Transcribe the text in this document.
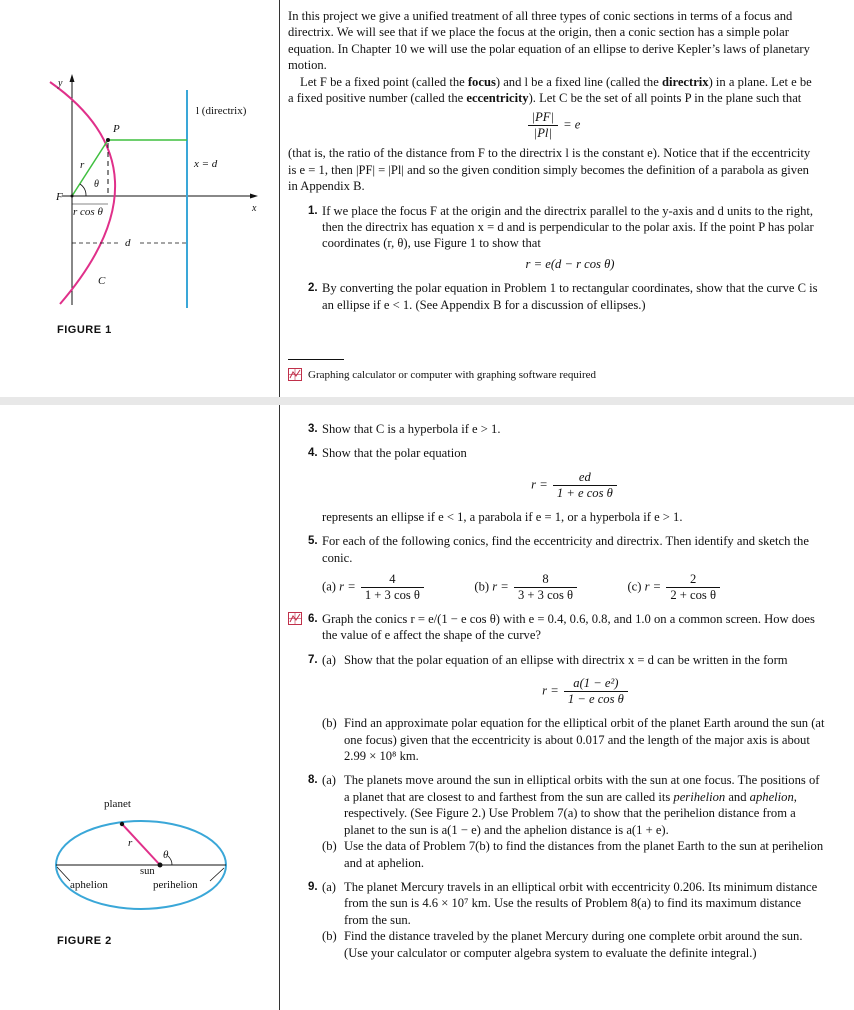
y
x
P
F
C
r
θ
r cos θ
d
l (directrix)
x = d
FIGURE 1

In this project we give a unified treatment of all three types of conic sections in terms of a focus and directrix. We will see that if we place the focus at the origin, then a conic section has a simple polar equation. In Chapter 10 we will use the polar equation of an ellipse to derive Kepler’s laws of planetary motion.

Let F be a fixed point (called the focus) and l be a fixed line (called the directrix) in a plane. Let e be a fixed positive number (called the eccentricity). Let C be the set of all points P in the plane such that

$\frac{|PF|}{|Pl|} = e$

(that is, the ratio of the distance from F to the directrix l is the constant e). Notice that if the eccentricity is e = 1, then |PF| = |Pl| and so the given condition simply becomes the definition of a parabola as given in Appendix B.

1. If we place the focus F at the origin and the directrix parallel to the y-axis and d units to the right, then the directrix has equation x = d and is perpendicular to the polar axis. If the point P has polar coordinates (r, θ), use Figure 1 to show that

r = e(d − r cos θ)
2. By converting the polar equation in Problem 1 to rectangular coordinates, show that the curve C is an ellipse if e < 1. (See Appendix B for a discussion of ellipses.)

Graphing calculator or computer with graphing software required
planet
r
θ
sun
aphelion	perihelion
FIGURE 2
3. Show that C is a hyperbola if e > 1.

4. Show that the polar equation

$r = \frac{ed}{\text{1 + e cos θ}}$

represents an ellipse if e < 1, a parabola if e = 1, or a hyperbola if e > 1.

5. For each of the following conics, find the eccentricity and directrix. Then identify and sketch the conic.

(a) $r = \frac{4}{\text{1 + 3 cos θ}}$	(b) $r = \frac{8}{\text{3 + 3 cos θ}}$	(c) $r = \frac{2}{\text{2 + cos θ}}$
6. Graph the conics r = e/(1 − e cos θ) with e = 0.4, 0.6, 0.8, and 1.0 on a common screen. How does the value of e affect the shape of the curve?

7. (a) Show that the polar equation of an ellipse with directrix x = d can be written in the form

$r = \frac{\text{a(1 − e²)}}{\text{1 − e cos θ}}$
(b) Find an approximate polar equation for the elliptical orbit of the planet Earth around the sun (at one focus) given that the eccentricity is about 0.017 and the length of the major axis is about 2.99 × 10⁸ km.

8. (a) The planets move around the sun in elliptical orbits with the sun at one focus. The positions of a planet that are closest to and farthest from the sun are called its perihelion and aphelion, respectively. (See Figure 2.) Use Problem 7(a) to show that the perihelion distance from a planet to the sun is a(1 − e) and the aphelion distance is a(1 + e).

(b) Use the data of Problem 7(b) to find the distances from the planet Earth to the sun at perihelion and at aphelion.

9. (a) The planet Mercury travels in an elliptical orbit with eccentricity 0.206. Its minimum distance from the sun is 4.6 × 10⁷ km. Use the results of Problem 8(a) to find its maximum distance from the sun.

(b) Find the distance traveled by the planet Mercury during one complete orbit around the sun. (Use your calculator or computer algebra system to evaluate the definite integral.)
